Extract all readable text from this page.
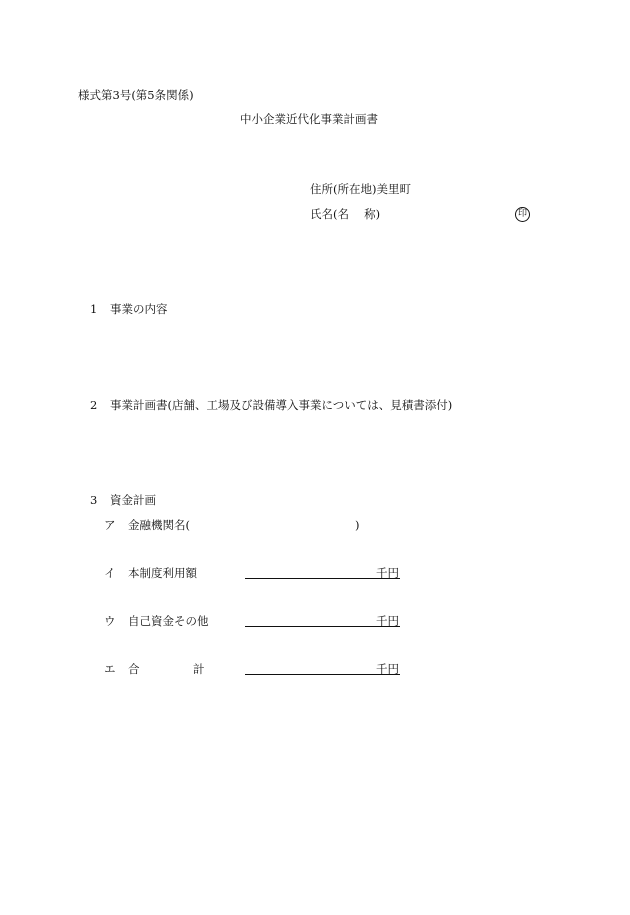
様式第3号(第5条関係)
中小企業近代化事業計画書
住所(所在地)美里町
氏名(名　 称)	印
1 事業の内容
2 事業計画書(店舗、工場及び設備導入事業については、見積書添付)
3 資金計画
ア 金融機関名(	)
イ 本制度利用額	千円
ウ 自己資金その他	千円
エ 合	計	千円
